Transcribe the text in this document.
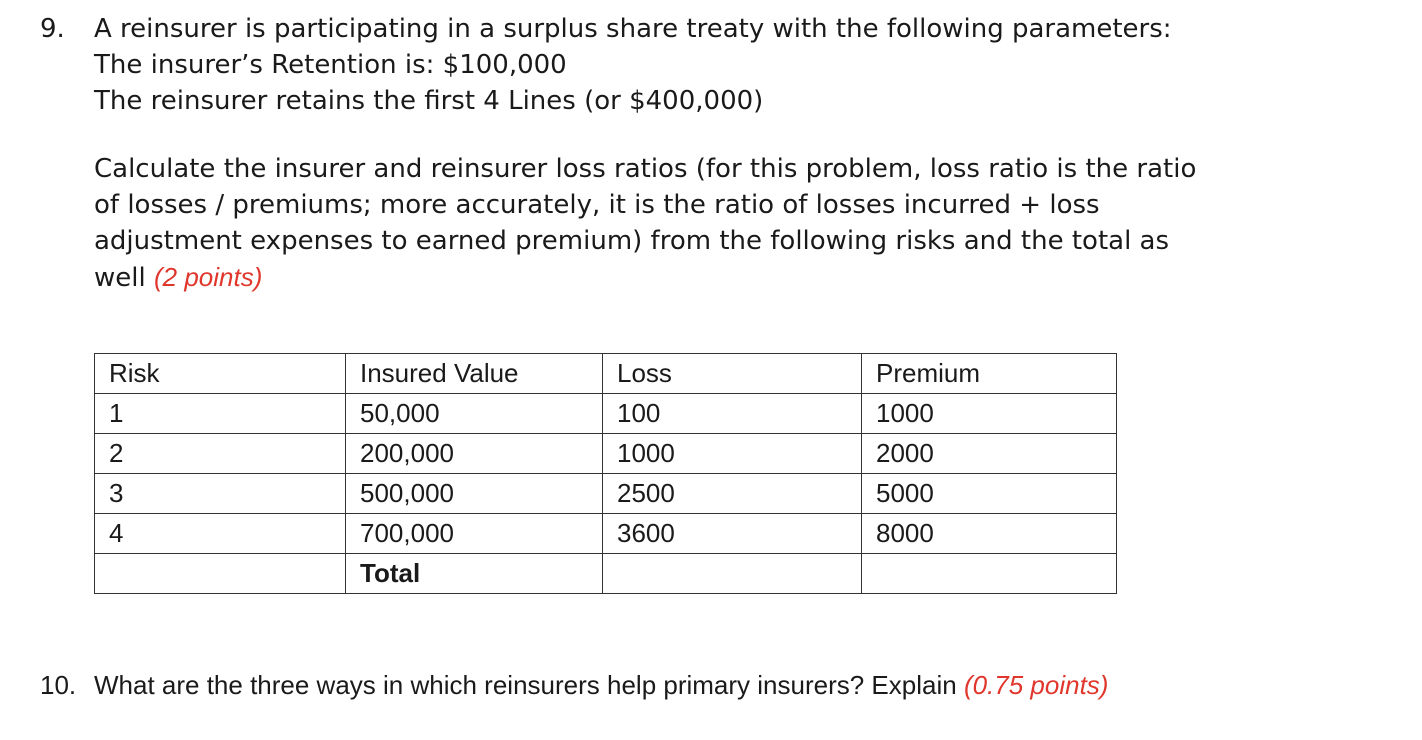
9. A reinsurer is participating in a surplus share treaty with the following parameters:
The insurer’s Retention is: $100,000
The reinsurer retains the first 4 Lines (or $400,000)
Calculate the insurer and reinsurer loss ratios (for this problem, loss ratio is the ratio
of losses / premiums; more accurately, it is the ratio of losses incurred + loss
adjustment expenses to earned premium) from the following risks and the total as
well (2 points)
Risk	Insured Value	Loss	Premium
1	50,000	100	1000
2	200,000	1000	2000
3	500,000	2500	5000
4	700,000	3600	8000
	Total		
10. What are the three ways in which reinsurers help primary insurers? Explain (0.75 points)
